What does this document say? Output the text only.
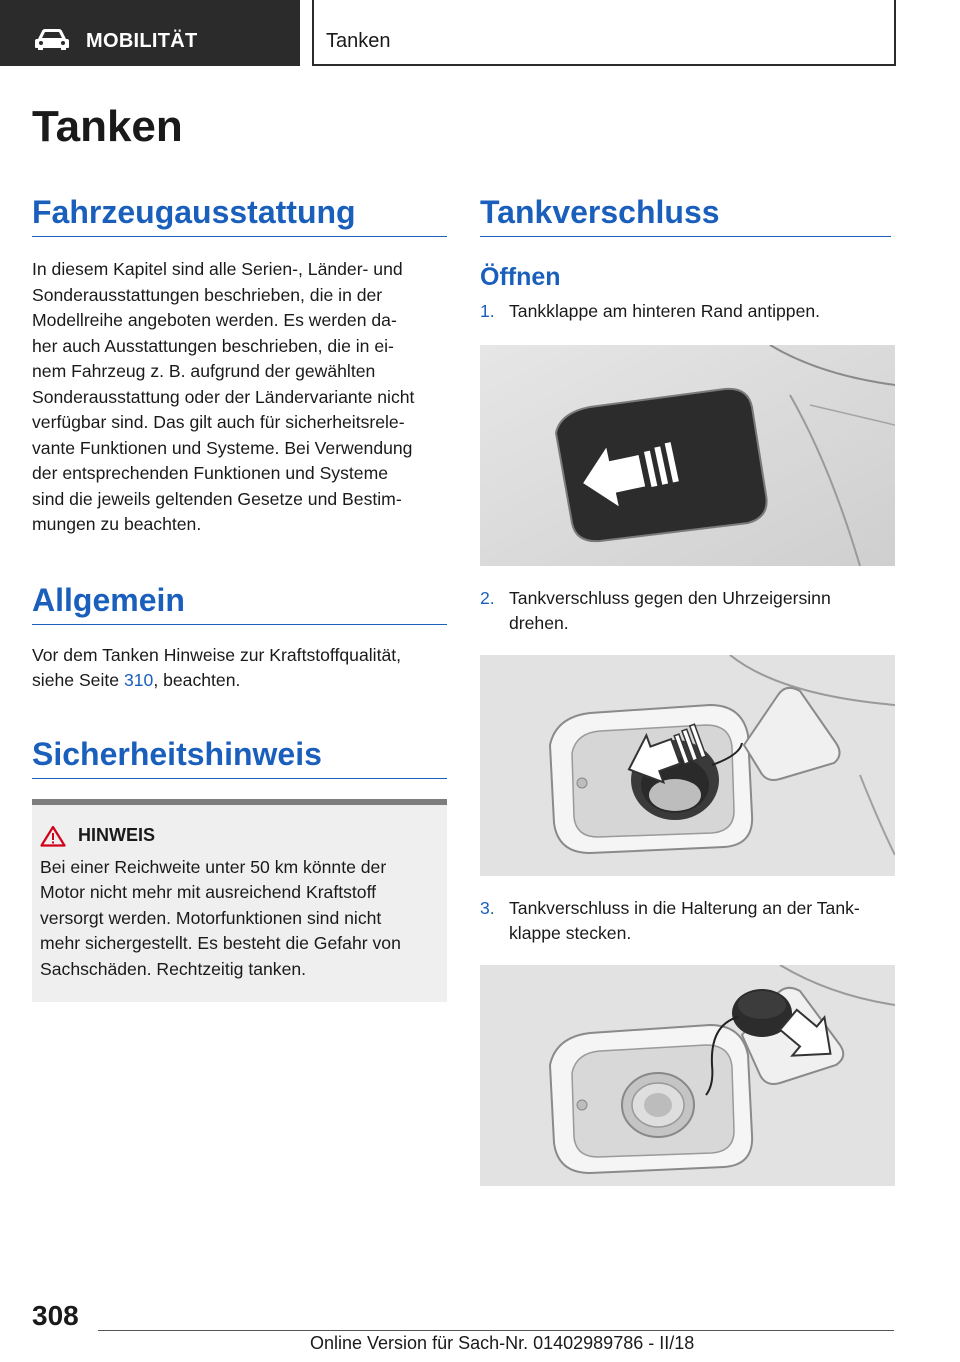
MOBILITÄT	Tanken
Tanken
Fahrzeugausstattung

In diesem Kapitel sind alle Serien-, Länder- und
Sonderausstattungen beschrieben, die in der
Modellreihe angeboten werden. Es werden da-
her auch Ausstattungen beschrieben, die in ei-
nem Fahrzeug z. B. aufgrund der gewählten
Sonderausstattung oder der Ländervariante nicht
verfügbar sind. Das gilt auch für sicherheitsrele-
vante Funktionen und Systeme. Bei Verwendung
der entsprechenden Funktionen und Systeme
sind die jeweils geltenden Gesetze und Bestim-
mungen zu beachten.

Allgemein

Vor dem Tanken Hinweise zur Kraftstoffqualität,
siehe Seite 310, beachten.

Sicherheitshinweis
HINWEIS

Bei einer Reichweite unter 50 km könnte der
Motor nicht mehr mit ausreichend Kraftstoff
versorgt werden. Motorfunktionen sind nicht
mehr sichergestellt. Es besteht die Gefahr von
Sachschäden. Rechtzeitig tanken.

Tankverschluss
Öffnen
1. Tankklappe am hinteren Rand antippen.
2. Tankverschluss gegen den Uhrzeigersinn
drehen.
3. Tankverschluss in die Halterung an der Tank-
klappe stecken.
308
Online Version für Sach-Nr. 01402989786 - II/18
